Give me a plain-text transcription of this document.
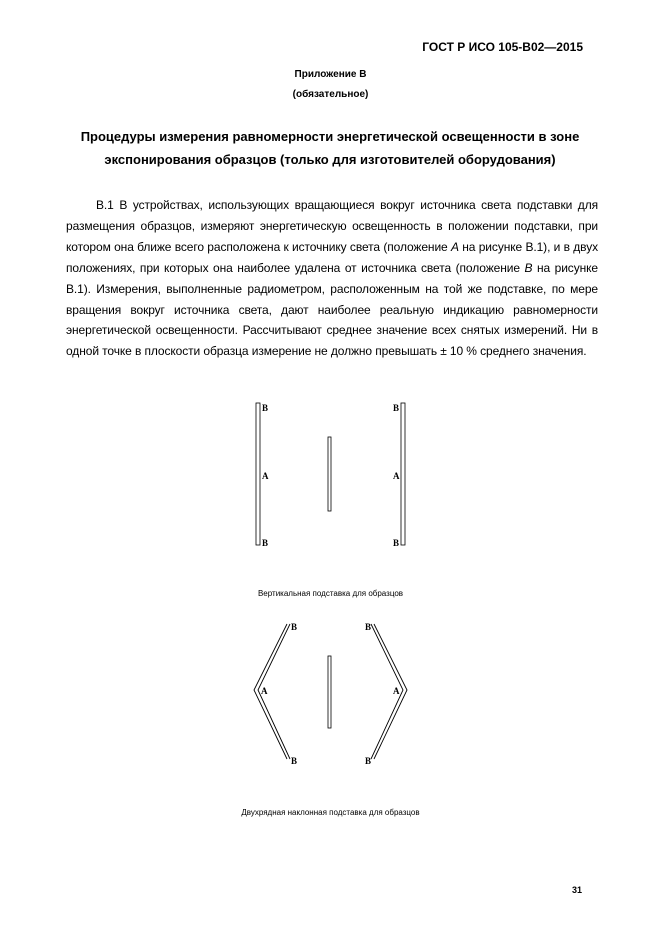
ГОСТ Р ИСО 105-B02—2015
Приложение B
(обязательное)
Процедуры измерения равномерности энергетической освещенности в зоне
экспонирования образцов (только для изготовителей оборудования)
B.1 В устройствах, использующих вращающиеся вокруг источника света подставки для размещения образцов, измеряют энергетическую освещенность в положении подставки, при котором она ближе всего расположена к источнику света (положение A на рисунке B.1), и в двух положениях, при которых она наиболее удалена от источника света (положение B на рисунке B.1). Измерения, выполненные радиометром, расположенным на той же подставке, по мере вращения вокруг источника света, дают наиболее реальную индикацию равномерности энергетической освещенности. Рассчитывают среднее значение всех снятых измерений. Ни в одной точке в плоскости образца измерение не должно превышать ± 10 % среднего значения.
B
A
B
B
A
B
B
A
B
B
A
B
Вертикальная подставка для образцов
Двухрядная наклонная подставка для образцов
31
